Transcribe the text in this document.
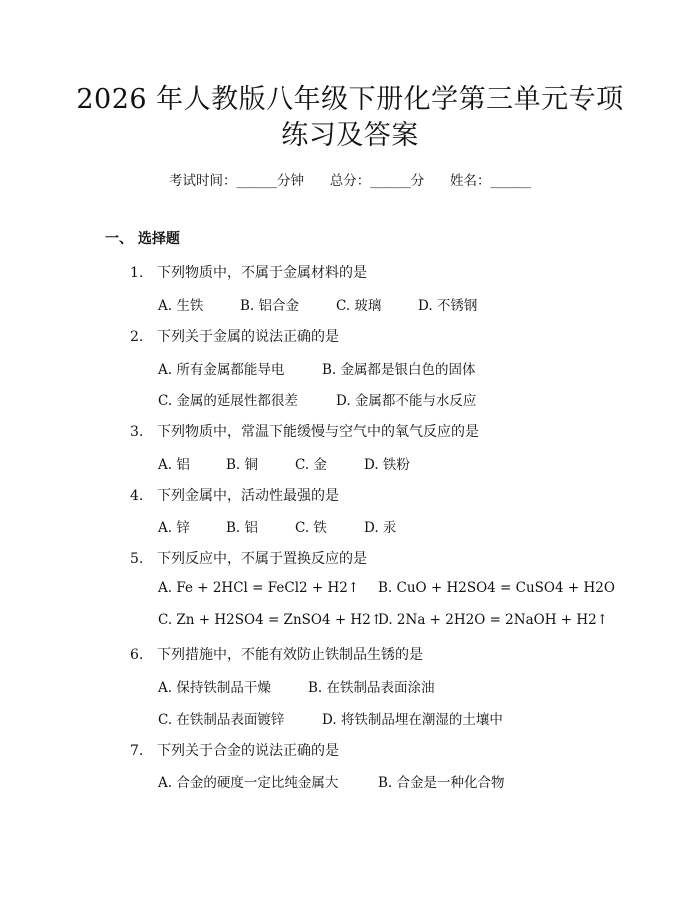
2026 年人教版八年级下册化学第三单元专项
练习及答案
考试时间：______分钟      总分：______分      姓名：______
一、 选择题
1. 下列物质中，不属于金属材料的是
A. 生铁	B. 铝合金	C. 玻璃	D. 不锈钢
2. 下列关于金属的说法正确的是
A. 所有金属都能导电	B. 金属都是银白色的固体
C. 金属的延展性都很差	D. 金属都不能与水反应
3. 下列物质中，常温下能缓慢与空气中的氧气反应的是
A. 铝	B. 铜	C. 金	D. 铁粉
4. 下列金属中，活动性最强的是
A. 锌	B. 铝	C. 铁	D. 汞
5. 下列反应中，不属于置换反应的是
A. Fe + 2HCl = FeCl2 + H2↑ B. CuO + H2SO4 = CuSO4 + H2O
C. Zn + H2SO4 = ZnSO4 + H2↑
D. 2Na + 2H2O = 2NaOH + H2↑
6. 下列措施中，不能有效防止铁制品生锈的是
A. 保持铁制品干燥	B. 在铁制品表面涂油
C. 在铁制品表面镀锌	D. 将铁制品埋在潮湿的土壤中
7. 下列关于合金的说法正确的是
A. 合金的硬度一定比纯金属大	B. 合金是一种化合物
